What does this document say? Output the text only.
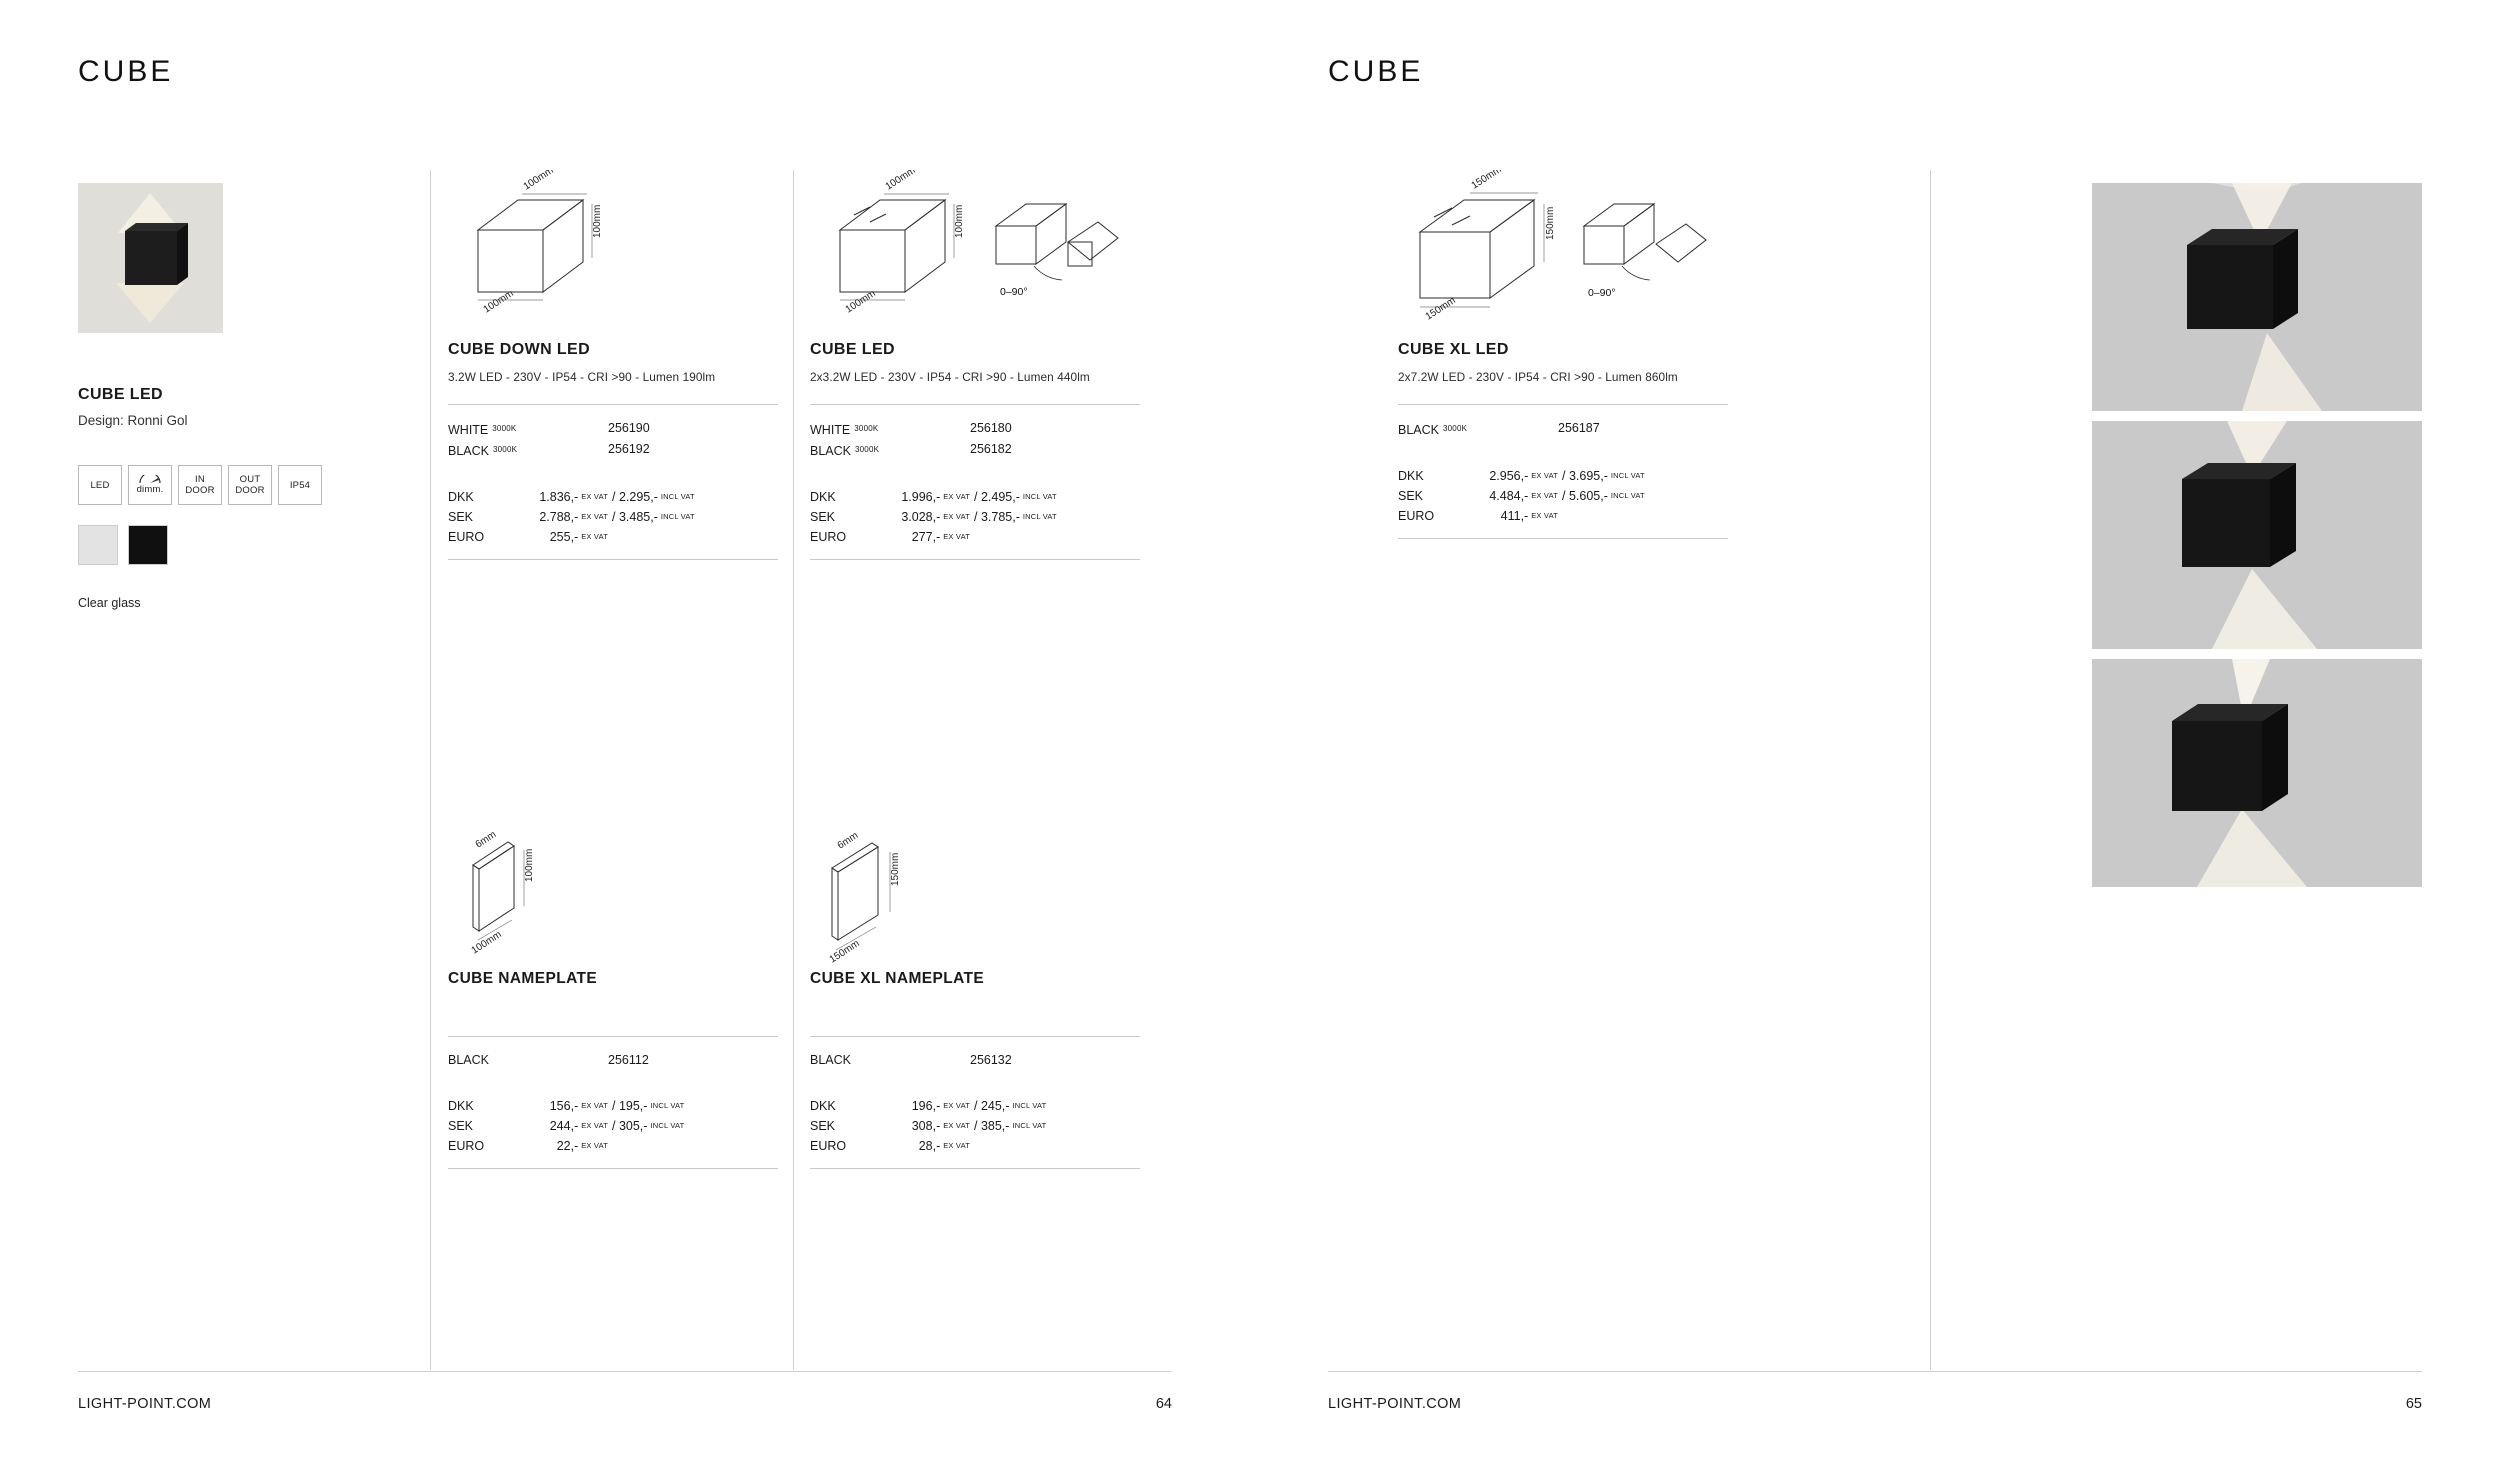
CUBE
CUBE LED
Design: Ronni Gol
LED	dimm.
IN DOOR
OUT DOOR	IP54
Clear glass
100mm
100mm
100mm
CUBE DOWN LED
3.2W LED - 230V - IP54 - CRI >90 - Lumen 190lm
WHITE $^{3000K}$	256190
BLACK $^{3000K}$	256192
DKK	1.836,- EX VAT / 2.295,- INCL VAT
SEK	2.788,- EX VAT / 3.485,- INCL VAT
EURO	255,- EX VAT
100mm
100mm
100mm	0–90°
CUBE LED
2x3.2W LED - 230V - IP54 - CRI >90 - Lumen 440lm
WHITE $^{3000K}$	256180
BLACK $^{3000K}$	256182
DKK	1.996,- EX VAT / 2.495,- INCL VAT
SEK	3.028,- EX VAT / 3.785,- INCL VAT
EURO	277,- EX VAT
6mm
100mm
100mm
CUBE NAMEPLATE
BLACK	256112
DKK	156,- EX VAT / 195,- INCL VAT
SEK	244,- EX VAT / 305,- INCL VAT
EURO	22,- EX VAT
6mm
150mm
150mm
CUBE XL NAMEPLATE
BLACK	256132
DKK	196,- EX VAT / 245,- INCL VAT
SEK	308,- EX VAT / 385,- INCL VAT
EURO	28,- EX VAT
LIGHT-POINT.COM	64
CUBE
150mm
150mm
150mm
0–90°
CUBE XL LED
2x7.2W LED - 230V - IP54 - CRI >90 - Lumen 860lm
BLACK $^{3000K}$	256187
DKK	2.956,- EX VAT / 3.695,- INCL VAT
SEK	4.484,- EX VAT / 5.605,- INCL VAT
EURO	411,- EX VAT
LIGHT-POINT.COM	65
